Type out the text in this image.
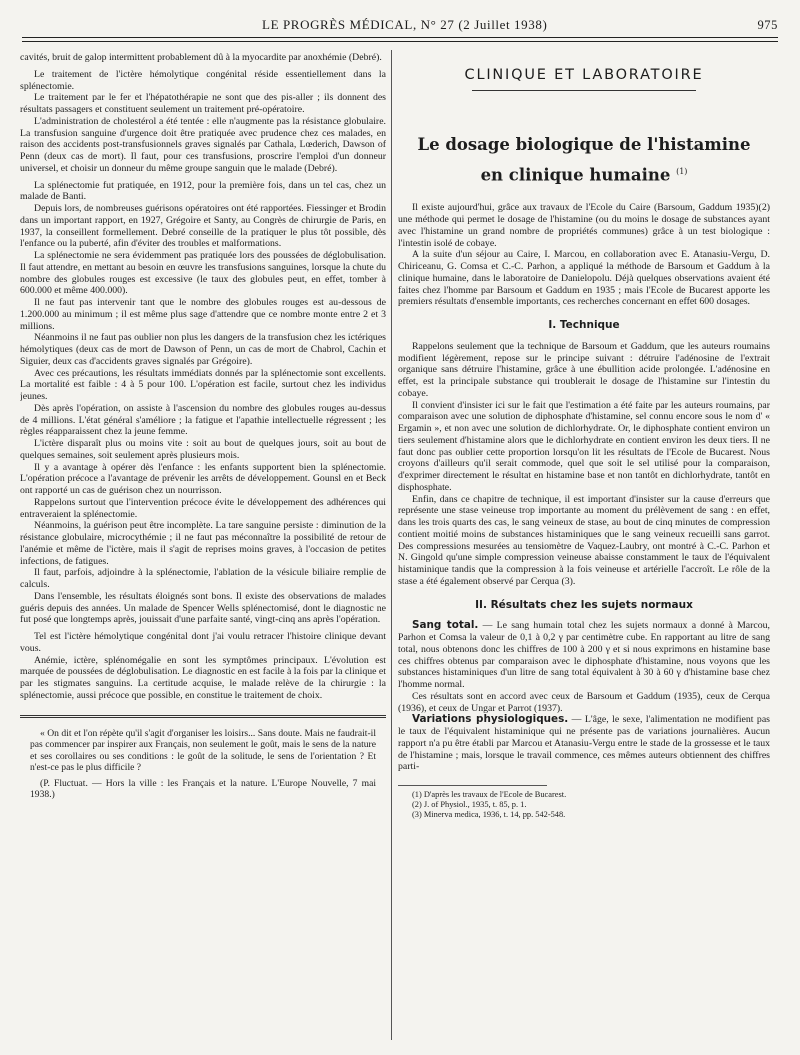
LE PROGRÈS MÉDICAL, N° 27 (2 Juillet 1938)	975

cavités, bruit de galop intermittent probablement dû à la myocardite par anoxhémie (Debré).

Le traitement de l'ictère hémolytique congénital réside essentiellement dans la splénectomie.

Le traitement par le fer et l'hépatothérapie ne sont que des pis-aller ; ils donnent des résultats passagers et constituent seulement un traitement pré-opératoire.

L'administration de cholestérol a été tentée : elle n'augmente pas la résistance globulaire. La transfusion sanguine d'urgence doit être pratiquée avec prudence chez ces malades, en raison des accidents post-transfusionnels graves signalés par Cathala, Lœderich, Dawson of Penn (deux cas de mort). Il faut, pour ces transfusions, proscrire l'emploi d'un donneur universel, et choisir un donneur du même groupe sanguin que le malade (Debré).

La splénectomie fut pratiquée, en 1912, pour la première fois, dans un tel cas, chez un malade de Banti.

Depuis lors, de nombreuses guérisons opératoires ont été rapportées. Fiessinger et Brodin dans un important rapport, en 1927, Grégoire et Santy, au Congrès de chirurgie de Paris, en 1937, la conseillent formellement. Debré conseille de la pratiquer le plus tôt possible, dès l'enfance ou la puberté, afin d'éviter des troubles et malformations.

La splénectomie ne sera évidemment pas pratiquée lors des poussées de déglobulisation. Il faut attendre, en mettant au besoin en œuvre les transfusions sanguines, lorsque la chute du nombre des globules rouges est excessive (le taux des globules peut, en effet, tomber à 600.000 et même 400.000).

Il ne faut pas intervenir tant que le nombre des globules rouges est au-dessous de 1.200.000 au minimum ; il est même plus sage d'attendre que ce nombre monte entre 2 et 3 millions.

Néanmoins il ne faut pas oublier non plus les dangers de la transfusion chez les ictériques hémolytiques (deux cas de mort de Dawson of Penn, un cas de mort de Chabrol, Cachin et Siguier, deux cas d'accidents graves signalés par Grégoire).

Avec ces précautions, les résultats immédiats donnés par la splénectomie sont excellents. La mortalité est faible : 4 à 5 pour 100. L'opération est facile, surtout chez les individus jeunes.

Dès après l'opération, on assiste à l'ascension du nombre des globules rouges au-dessus de 4 millions. L'état général s'améliore ; la fatigue et l'apathie intellectuelle régressent ; les règles réapparaissent chez la jeune femme.

L'ictère disparaît plus ou moins vite : soit au bout de quelques jours, soit au bout de quelques semaines, soit seulement après plusieurs mois.

Il y a avantage à opérer dès l'enfance : les enfants supportent bien la splénectomie. L'opération précoce a l'avantage de prévenir les arrêts de développement. Gounsl en et Beck ont rapporté un cas de guérison chez un nourrisson.

Rappelons surtout que l'intervention précoce évite le développement des adhérences qui entraveraient la splénectomie.

Néanmoins, la guérison peut être incomplète. La tare sanguine persiste : diminution de la résistance globulaire, microcythémie ; il ne faut pas méconnaître la possibilité de retour de l'anémie et même de l'ictère, mais il s'agit de reprises moins graves, à l'occasion de petites infections, de fatigues.

Il faut, parfois, adjoindre à la splénectomie, l'ablation de la vésicule biliaire remplie de calculs.

Dans l'ensemble, les résultats éloignés sont bons. Il existe des observations de malades guéris depuis des années. Un malade de Spencer Wells splénectomisé, dont le diagnostic ne fut posé que longtemps après, jouissait d'une parfaite santé, vingt-cinq ans après l'opération.

Tel est l'ictère hémolytique congénital dont j'ai voulu retracer l'histoire clinique devant vous.

Anémie, ictère, splénomégalie en sont les symptômes principaux. L'évolution est marquée de poussées de déglobulisation. Le diagnostic en est facile à la fois par la clinique et par les stigmates sanguins. La certitude acquise, le malade relève de la chirurgie : la splénectomie, aussi précoce que possible, en constitue le traitement de choix.

« On dit et l'on répète qu'il s'agit d'organiser les loisirs... Sans doute. Mais ne faudrait-il pas commencer par inspirer aux Français, non seulement le goût, mais le sens de la nature et ses corollaires ou ses conditions : le goût de la solitude, le sens de l'orientation ? Et n'est-ce pas le plus difficile ?

(P. Fluctuat. — Hors la ville : les Français et la nature. L'Europe Nouvelle, 7 mai 1938.)

CLINIQUE ET LABORATOIRE
Le dosage biologique de l'histamine
en clinique humaine $^{(1)}$

Il existe aujourd'hui, grâce aux travaux de l'Ecole du Caire (Barsoum, Gaddum 1935)(2) une méthode qui permet le dosage de l'histamine (ou du moins le dosage de substances ayant avec l'histamine un grand nombre de propriétés communes) grâce à un test biologique : l'intestin isolé de cobaye.

A la suite d'un séjour au Caire, I. Marcou, en collaboration avec E. Atanasiu-Vergu, D. Chiriceanu, G. Comsa et C.-C. Parhon, a appliqué la méthode de Barsoum et Gaddum à la clinique humaine, dans le laboratoire de Danielopolu. Déjà quelques observations avaient été faites chez l'homme par Barsoum et Gaddum en 1935 ; mais l'Ecole de Bucarest apporte les premiers résultats d'ensemble importants, ces recherches concernant en effet 600 dosages.

I. Technique

Rappelons seulement que la technique de Barsoum et Gaddum, que les auteurs roumains modifient légèrement, repose sur le principe suivant : détruire l'adénosine de l'extrait organique sans détruire l'histamine, grâce à une ébullition acide prolongée. L'adénosine en effet, est la principale substance qui troublerait le dosage de l'histamine sur l'intestin du cobaye.

Il convient d'insister ici sur le fait que l'estimation a été faite par les auteurs roumains, par comparaison avec une solution de diphosphate d'histamine, sel connu encore sous le nom d' « Ergamin », et non avec une solution de dichlorhydrate. Or, le diphosphate contient environ un tiers seulement d'histamine alors que le dichlorhydrate en contient environ les deux tiers. Il ne faut donc pas oublier cette proportion lorsqu'on lit les résultats de l'Ecole de Bucarest. Nous croyons d'ailleurs qu'il serait commode, quel que soit le sel utilisé pour la comparaison, d'exprimer directement le résultat en histamine base et non tantôt en dichlorhydrate, tantôt en disphosphate.

Enfin, dans ce chapitre de technique, il est important d'insister sur la cause d'erreurs que représente une stase veineuse trop importante au moment du prélèvement de sang : en effet, dans les trois quarts des cas, le sang veineux de stase, au bout de cinq minutes de compression contient moitié moins de substances histaminiques que le sang veineux recueilli sans garrot. Des compressions mesurées au tensiomètre de Vaquez-Laubry, ont montré à C.-C. Parhon et N. Gingold qu'une simple compression veineuse abaisse constamment le taux de l'équivalent histaminique tandis que la compression à la fois veineuse et artérielle l'accroît. Le rôle de la stase a été également observé par Cerqua (3).

II. Résultats chez les sujets normaux

Sang total. — Le sang humain total chez les sujets normaux a donné à Marcou, Parhon et Comsa la valeur de 0,1 à 0,2 γ par centimètre cube. En rapportant au litre de sang total, nous obtenons donc les chiffres de 100 à 200 γ et si nous exprimons en histamine base ces chiffres obtenus par comparaison avec le diphosphate d'histamine, nous voyons que les substances histaminiques d'un litre de sang total équivalent à 30 à 60 γ d'histamine base chez l'homme normal.

Ces résultats sont en accord avec ceux de Barsoum et Gaddum (1935), ceux de Cerqua (1936), et ceux de Ungar et Parrot (1937).

Variations physiologiques. — L'âge, le sexe, l'alimentation ne modifient pas le taux de l'équivalent histaminique qui ne présente pas de variations journalières. Aucun rapport n'a pu être établi par Marcou et Atanasiu-Vergu entre le stade de la grossesse et le taux de l'histamine ; mais, lorsque le travail commence, ces mêmes auteurs obtiennent des chiffres parti-

(1) D'après les travaux de l'Ecole de Bucarest.
(2) J. of Physiol., 1935, t. 85, p. 1.
(3) Minerva medica, 1936, t. 14, pp. 542-548.
